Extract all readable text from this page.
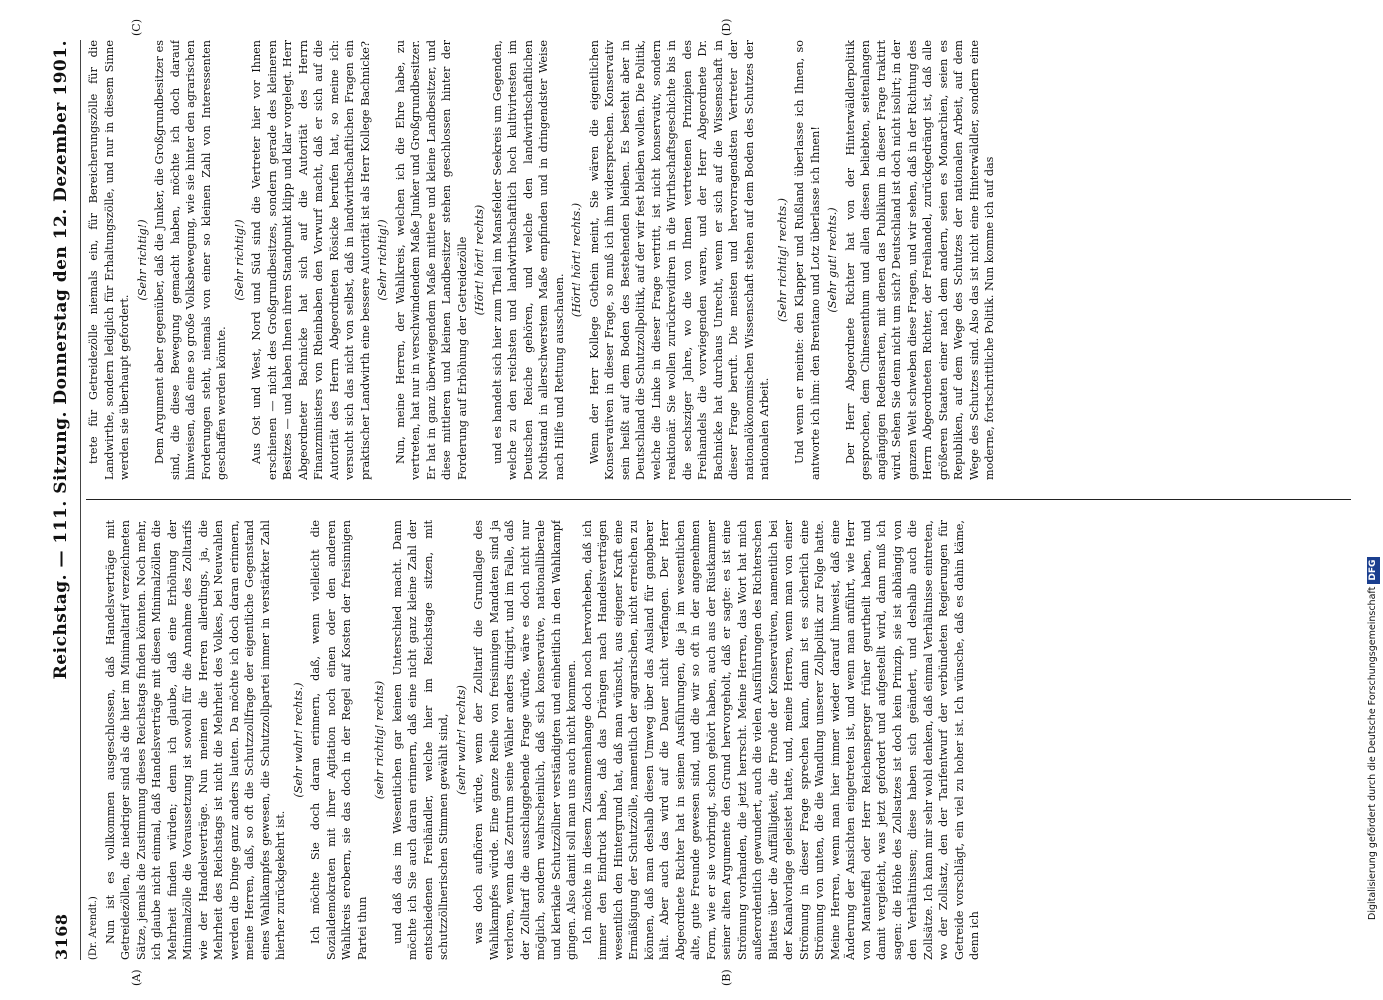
3168
Reichstag. — 111. Sitzung. Donnerstag den 12. Dezember 1901.
(A)	(B)
(C)	(D)

(Dr. Arendt.) Nun ist es vollkommen ausgeschlossen, daß Handelsverträge mit Getreidezöllen, die niedriger sind als die hier im Minimaltarif verzeichneten Sätze, jemals die Zustimmung dieses Reichstags finden könnten. Noch mehr, ich glaube nicht einmal, daß Handelsverträge mit diesen Minimalzöllen die Mehrheit finden würden; denn ich glaube, daß eine Erhöhung der Minimalzölle die Voraussetzung ist sowohl für die Annahme des Zolltarifs wie der Handelsverträge. Nun meinen die Herren allerdings, ja, die Mehrheit des Reichstags ist nicht die Mehrheit des Volkes, bei Neuwahlen werden die Dinge ganz anders lauten. Da möchte ich doch daran erinnern, meine Herren, daß, so oft die Schutzzollfrage der eigentliche Gegenstand eines Wahlkampfes gewesen, die Schutzzollpartei immer in verstärkter Zahl hierher zurückgekehrt ist.

(Sehr wahr! rechts.) Ich möchte Sie doch daran erinnern, daß, wenn vielleicht die Sozialdemokraten mit ihrer Agitation noch einen oder den anderen Wahlkreis erobern, sie das doch in der Regel auf Kosten der freisinnigen Partei thun

(sehr richtig! rechts) und daß das im Wesentlichen gar keinen Unterschied macht. Dann möchte ich Sie auch daran erinnern, daß eine nicht ganz kleine Zahl der entschiedenen Freihändler, welche hier im Reichstage sitzen, mit schutzzöllnerischen Stimmen gewählt sind, (sehr wahr! rechts) was doch aufhören würde, wenn der Zolltarif die Grundlage des Wahlkampfes würde. Eine ganze Reihe von freisinnigen Mandaten sind ja verloren, wenn das Zentrum seine Wähler anders dirigirt, und im Falle, daß der Zolltarif die ausschlaggebende Frage würde, wäre es doch nicht nur möglich, sondern wahrscheinlich, daß sich konservative, nationalliberale und klerikale Schutzzöllner verständigten und einheitlich in den Wahlkampf gingen. Also damit soll man uns auch nicht kommen. Ich möchte in diesem Zusammenhange doch noch hervorheben, daß ich immer den Eindruck habe, daß das Drängen nach Handelsverträgen wesentlich den Hintergrund hat, daß man wünscht, aus eigener Kraft eine Ermäßigung der Schutzzölle, namentlich der agrarischen, nicht erreichen zu können, daß man deshalb diesen Umweg über das Ausland für gangbarer hält. Aber auch das wird auf die Dauer nicht verfangen. Der Herr Abgeordnete Richter hat in seinen Ausführungen, die ja im wesentlichen alte, gute Freunde gewesen sind, und die wir so oft in der angenehmen Form, wie er sie vorbringt, schon gehört haben, auch aus der Rüstkammer seiner alten Argumente den Grund hervorgeholt, daß er sagte: es ist eine Strömung vorhanden, die jetzt herrscht. Meine Herren, das Wort hat mich außerordentlich gewundert, auch die vielen Ausführungen des Richterschen Blattes über die Auffälligkeit, die Fronde der Konservativen, namentlich bei der Kanalvorlage geleistet hatte, und, meine Herren, wenn man von einer Strömung in dieser Frage sprechen kann, dann ist es sicherlich eine Strömung von unten, die die Wandlung unserer Zollpolitik zur Folge hatte. Meine Herren, wenn man hier immer wieder darauf hinweist, daß eine Änderung der Ansichten eingetreten ist, und wenn man anführt, wie Herr von Manteuffel oder Herr Reichensperger früher geurtheilt haben, und damit vergleicht, was jetzt gefordert und aufgestellt wird, dann muß ich sagen: die Höhe des Zollsatzes ist doch kein Prinzip, sie ist abhängig von den Verhältnissen; diese haben sich geändert, und deshalb auch die Zollsätze. Ich kann mir sehr wohl denken, daß einmal Verhältnisse eintreten, wo der Zollsatz, den der Tarifentwurf der verbündeten Regierungen für Getreide vorschlägt, ein viel zu hoher ist. Ich wünsche, daß es dahin käme, denn ich

trete für Getreidezölle niemals ein, für Bereicherungszölle für die Landwirthe, sondern lediglich für Erhaltungszölle, und nur in diesem Sinne werden sie überhaupt gefordert.

(Sehr richtig!) Dem Argument aber gegenüber, daß die Junker, die Großgrundbesitzer es sind, die diese Bewegung gemacht haben, möchte ich doch darauf hinweisen, daß eine so große Volksbewegung, wie sie hinter den agrarischen Forderungen steht, niemals von einer so kleinen Zahl von Interessenten geschaffen werden könnte.

(Sehr richtig!) Aus Ost und West, Nord und Süd sind die Vertreter hier vor Ihnen erschienen — nicht des Großgrundbesitzes, sondern gerade des kleineren Besitzes — und haben Ihnen ihren Standpunkt klipp und klar vorgelegt. Herr Abgeordneter Bachnicke hat sich auf die Autorität des Herrn Finanzministers von Rheinbaben den Vorwurf macht, daß er sich auf die Autorität des Herrn Abgeordneten Rösicke berufen hat, so meine ich: versucht sich das nicht von selbst, daß in landwirthschaftlichen Fragen ein praktischer Landwirth eine bessere Autorität ist als Herr Kollege Bachnicke? (Sehr richtig!) Nun, meine Herren, der Wahlkreis, welchen ich die Ehre habe, zu vertreten, hat nur in verschwindendem Maße Junker und Großgrundbesitzer. Er hat in ganz überwiegendem Maße mittlere und kleine Landbesitzer, und diese mittleren und kleinen Landbesitzer stehen geschlossen hinter der Forderung auf Erhöhung der Getreidezölle (Hört! hört! rechts) und es handelt sich hier zum Theil im Mansfelder Seekreis um Gegenden, welche zu den reichsten und landwirthschaftlich hoch kultivirtesten im Deutschen Reiche gehören, und welche den landwirthschaftlichen Nothstand in allerschwerstem Maße empfinden und in dringendster Weise nach Hilfe und Rettung ausschauen.

(Hört! hört! rechts.) Wenn der Herr Kollege Gothein meint, Sie wären die eigentlichen Konservativen in dieser Frage, so muß ich ihm widersprechen. Konservativ sein heißt auf dem Boden des Bestehenden bleiben. Es besteht aber in Deutschland die Schutzzollpolitik, auf der wir fest bleiben wollen. Die Politik, welche die Linke in dieser Frage vertritt, ist nicht konservativ, sondern reaktionär. Sie wollen zurückrevidiren in die Wirthschaftsgeschichte bis in die sechsziger Jahre, wo die von Ihnen vertretenen Prinzipien des Freihandels die vorwiegenden waren, und der Herr Abgeordnete Dr. Bachnicke hat durchaus Unrecht, wenn er sich auf die Wissenschaft in dieser Frage beruft. Die meisten und hervorragendsten Vertreter der nationalökonomischen Wissenschaft stehen auf dem Boden des Schutzes der nationalen Arbeit.

(Sehr richtig! rechts.) Und wenn er meinte: den Klapper und Rußland überlasse ich Ihnen, so antworte ich ihm: den Brentano und Lotz überlasse ich Ihnen! (Sehr gut! rechts.) Der Herr Abgeordnete Richter hat von der Hinterwäldlerpolitik gesprochen, dem Chinesenthum und allen diesen beliebten, seitenlangen angängigen Redensarten, mit denen das Publikum in dieser Frage traktirt wird. Sehen Sie denn nicht um sich? Deutschland ist doch nicht isolirt; in der ganzen Welt schweben diese Fragen, und wir sehen, daß in der Richtung des Herrn Abgeordneten Richter, der Freihandel, zurückgedrängt ist, daß alle größeren Staaten einer nach dem andern, seien es Monarchien, seien es Republiken, auf dem Wege des Schutzes der nationalen Arbeit, auf dem Wege des Schutzes sind. Also das ist nicht eine Hinterwäldler, sondern eine moderne, fortschrittliche Politik. Nun komme ich auf das

Digitalisierung gefördert durch die Deutsche Forschungsgemeinschaft DFG
